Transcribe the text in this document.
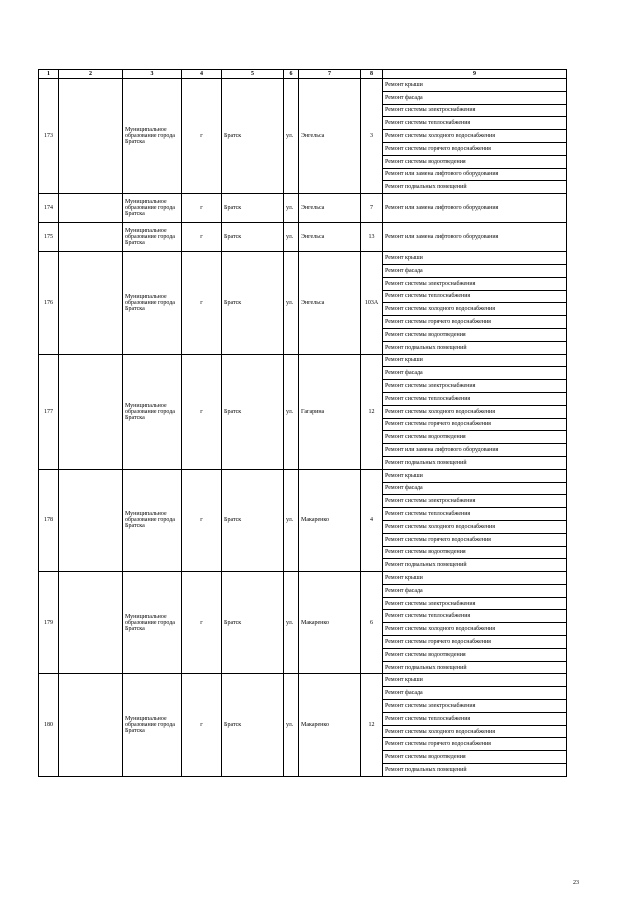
1	2	3	4	5	6	7	8	9
173		Муниципальное образование города Братска	г	Братск	ул.	Энгельса	3	Ремонт крыши
								Ремонт фасада
								Ремонт системы электроснабжения
								Ремонт системы теплоснабжения
								Ремонт системы холодного водоснабжения
								Ремонт системы горячего водоснабжения
								Ремонт системы водоотведения
								Ремонт или замена лифтового оборудования
								Ремонт подвальных помещений
174		Муниципальное образование города Братска	г	Братск	ул.	Энгельса	7	Ремонт или замена лифтового оборудования
175		Муниципальное образование города Братска	г	Братск	ул.	Энгельса	13	Ремонт или замена лифтового оборудования
176		Муниципальное образование города Братска	г	Братск	ул.	Энгельса	103А	Ремонт крыши
								Ремонт фасада
								Ремонт системы электроснабжения
								Ремонт системы теплоснабжения
								Ремонт системы холодного водоснабжения
								Ремонт системы горячего водоснабжения
								Ремонт системы водоотведения
								Ремонт подвальных помещений
177		Муниципальное образование города Братска	г	Братск	ул.	Гагарина	12	Ремонт крыши
								Ремонт фасада
								Ремонт системы электроснабжения
								Ремонт системы теплоснабжения
								Ремонт системы холодного водоснабжения
								Ремонт системы горячего водоснабжения
								Ремонт системы водоотведения
								Ремонт или замена лифтового оборудования
								Ремонт подвальных помещений
178		Муниципальное образование города Братска	г	Братск	ул.	Макаренко	4	Ремонт крыши
								Ремонт фасада
								Ремонт системы электроснабжения
								Ремонт системы теплоснабжения
								Ремонт системы холодного водоснабжения
								Ремонт системы горячего водоснабжения
								Ремонт системы водоотведения
								Ремонт подвальных помещений
179		Муниципальное образование города Братска	г	Братск	ул.	Макаренко	6	Ремонт крыши
								Ремонт фасада
								Ремонт системы электроснабжения
								Ремонт системы теплоснабжения
								Ремонт системы холодного водоснабжения
								Ремонт системы горячего водоснабжения
								Ремонт системы водоотведения
								Ремонт подвальных помещений
180		Муниципальное образование города Братска	г	Братск	ул.	Макаренко	12	Ремонт крыши
								Ремонт фасада
								Ремонт системы электроснабжения
								Ремонт системы теплоснабжения
								Ремонт системы холодного водоснабжения
								Ремонт системы горячего водоснабжения
								Ремонт системы водоотведения
								Ремонт подвальных помещений
23
